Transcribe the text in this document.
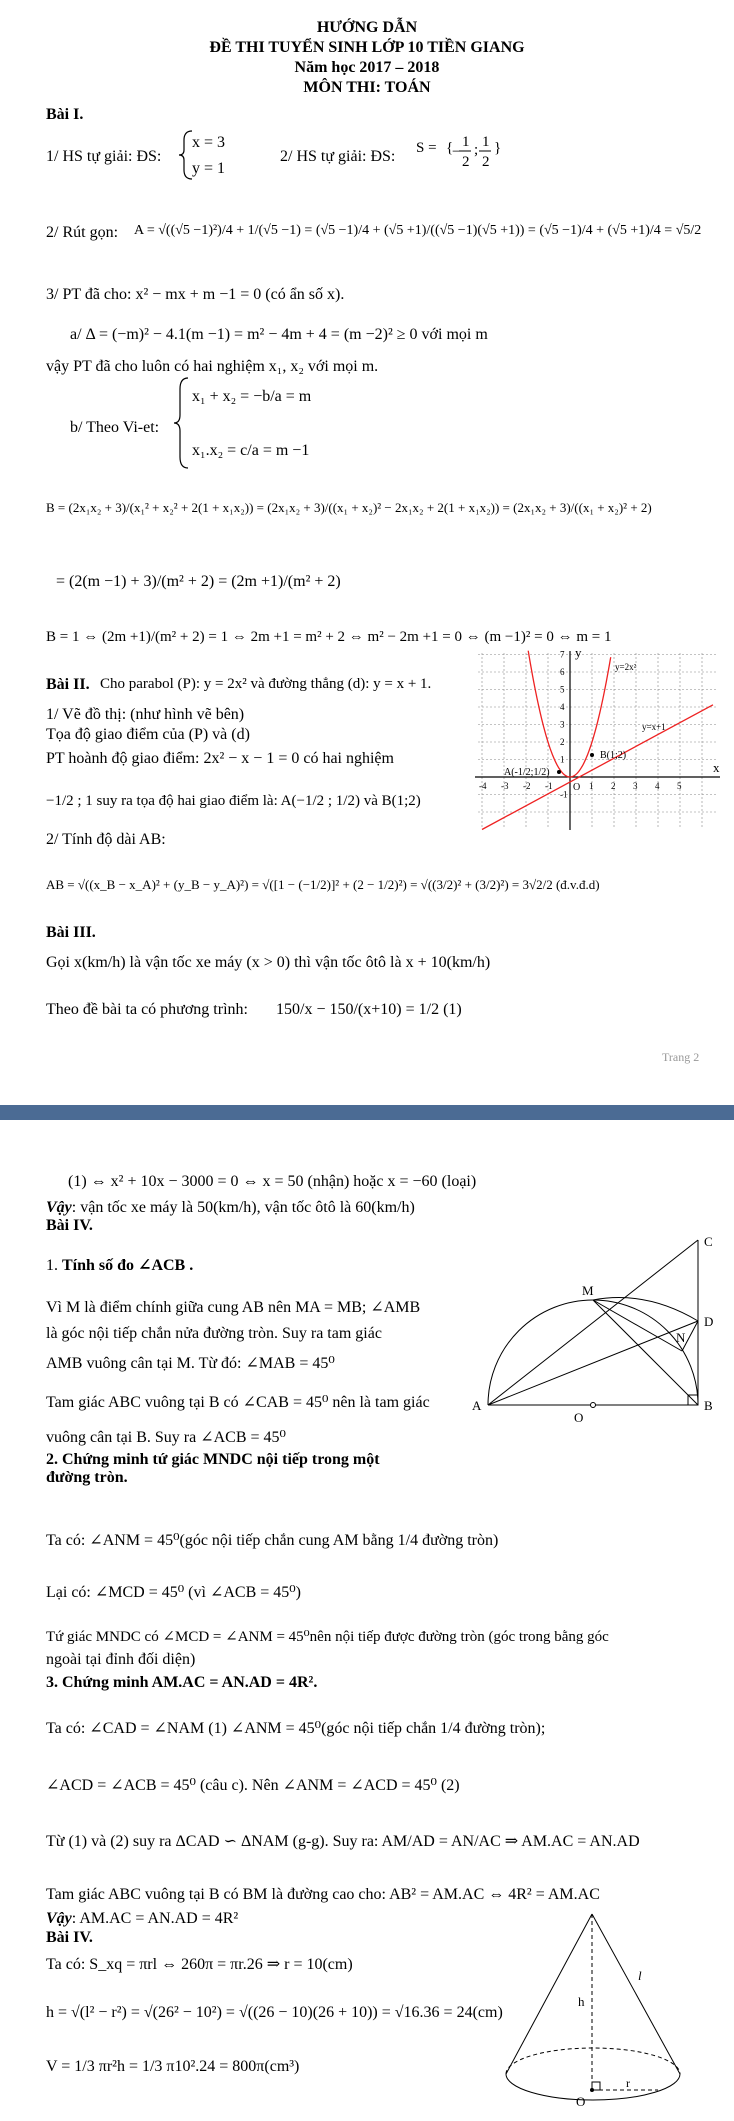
HƯỚNG DẪN
ĐỀ THI TUYỂN SINH LỚP 10 TIỀN GIANG
Năm học 2017 – 2018
MÔN THI: TOÁN
Bài I.
1/ HS tự giải: ĐS:
x = 3
y = 1
2/ HS tự giải: ĐS: S = { 1
2
− ; 1
2
}
2/ Rút gọn: A = √((√5 −1)²)/4 + 1/(√5 −1) = (√5 −1)/4 + (√5 +1)/((√5 −1)(√5 +1)) = (√5 −1)/4 + (√5 +1)/4 = √5/2
3/ PT đã cho: x² − mx + m −1 = 0 (có ẩn số x).
a/ Δ = (−m)² − 4.1(m −1) = m² − 4m + 4 = (m −2)² ≥ 0 với mọi m
vậy PT đã cho luôn có hai nghiệm x₁, x₂ với mọi m.
b/ Theo Vi-et:
x₁ + x₂ = −b/a = m
x₁.x₂ = c/a = m −1
B = (2x₁x₂ + 3)/(x₁² + x₂² + 2(1 + x₁x₂)) = (2x₁x₂ + 3)/((x₁ + x₂)² − 2x₁x₂ + 2(1 + x₁x₂)) = (2x₁x₂ + 3)/((x₁ + x₂)² + 2)
= (2(m −1) + 3)/(m² + 2) = (2m +1)/(m² + 2)
B = 1 ⇔ (2m +1)/(m² + 2) = 1 ⇔ 2m +1 = m² + 2 ⇔ m² − 2m +1 = 0 ⇔ (m −1)² = 0 ⇔ m = 1
Bài II. Cho parabol (P): y = 2x² và đường thẳng (d): y = x + 1.
1/ Vẽ đồ thị: (như hình vẽ bên)
Tọa độ giao điểm của (P) và (d)
PT hoành độ giao điểm: 2x² − x − 1 = 0 có hai nghiệm
−1/2 ; 1 suy ra tọa độ hai giao điểm là: A(−1/2 ; 1/2) và B(1;2)
2/ Tính độ dài AB:
AB = √((x_B − x_A)² + (y_B − y_A)²) = √([1 − (−1/2)]² + (2 − 1/2)²) = √((3/2)² + (3/2)²) = 3√2/2 (đ.v.đ.d)
x
y
-4 -3 -2 -1	1 2 3 4 5
7
6
5
4
3
2
1
-1
y=2x²
y=x+1
A(-1/2;1/2)
B(1;2)
O
Bài III.
Gọi x(km/h) là vận tốc xe máy (x > 0) thì vận tốc ôtô là x + 10(km/h)
Theo đề bài ta có phương trình: 150/x − 150/(x+10) = 1/2 (1)
Trang 2
(1) ⇔ x² + 10x − 3000 = 0 ⇔ x = 50 (nhận) hoặc x = −60 (loại)
Vậy: vận tốc xe máy là 50(km/h), vận tốc ôtô là 60(km/h)
Bài IV.
1. Tính số đo ∠ACB .
Vì M là điểm chính giữa cung AB nên MA = MB; ∠AMB
là góc nội tiếp chắn nửa đường tròn. Suy ra tam giác
AMB vuông cân tại M. Từ đó: ∠MAB = 45⁰
Tam giác ABC vuông tại B có ∠CAB = 45⁰ nên là tam giác
vuông cân tại B. Suy ra ∠ACB = 45⁰
2. Chứng minh tứ giác MNDC nội tiếp trong một
đường tròn.
A	B
C
D
M
N
O
Ta có: ∠ANM = 45⁰(góc nội tiếp chắn cung AM bằng 1/4 đường tròn)
Lại có: ∠MCD = 45⁰ (vì ∠ACB = 45⁰)
Tứ giác MNDC có ∠MCD = ∠ANM = 45⁰nên nội tiếp được đường tròn (góc trong bằng góc
ngoài tại đỉnh đối diện)
3. Chứng minh AM.AC = AN.AD = 4R².
Ta có: ∠CAD = ∠NAM (1) ∠ANM = 45⁰(góc nội tiếp chắn 1/4 đường tròn);
∠ACD = ∠ACB = 45⁰ (câu c). Nên ∠ANM = ∠ACD = 45⁰ (2)
Từ (1) và (2) suy ra ΔCAD ∽ ΔNAM (g-g). Suy ra: AM/AD = AN/AC ⇒ AM.AC = AN.AD
Tam giác ABC vuông tại B có BM là đường cao cho: AB² = AM.AC ⇔ 4R² = AM.AC
Vậy: AM.AC = AN.AD = 4R²
Bài IV.
Ta có: S_xq = πrl ⇔ 260π = πr.26 ⇒ r = 10(cm)
h = √(l² − r²) = √(26² − 10²) = √((26 − 10)(26 + 10)) = √16.36 = 24(cm)
V = 1/3 πr²h = 1/3 π10².24 = 800π(cm³)
h
l
r
O
